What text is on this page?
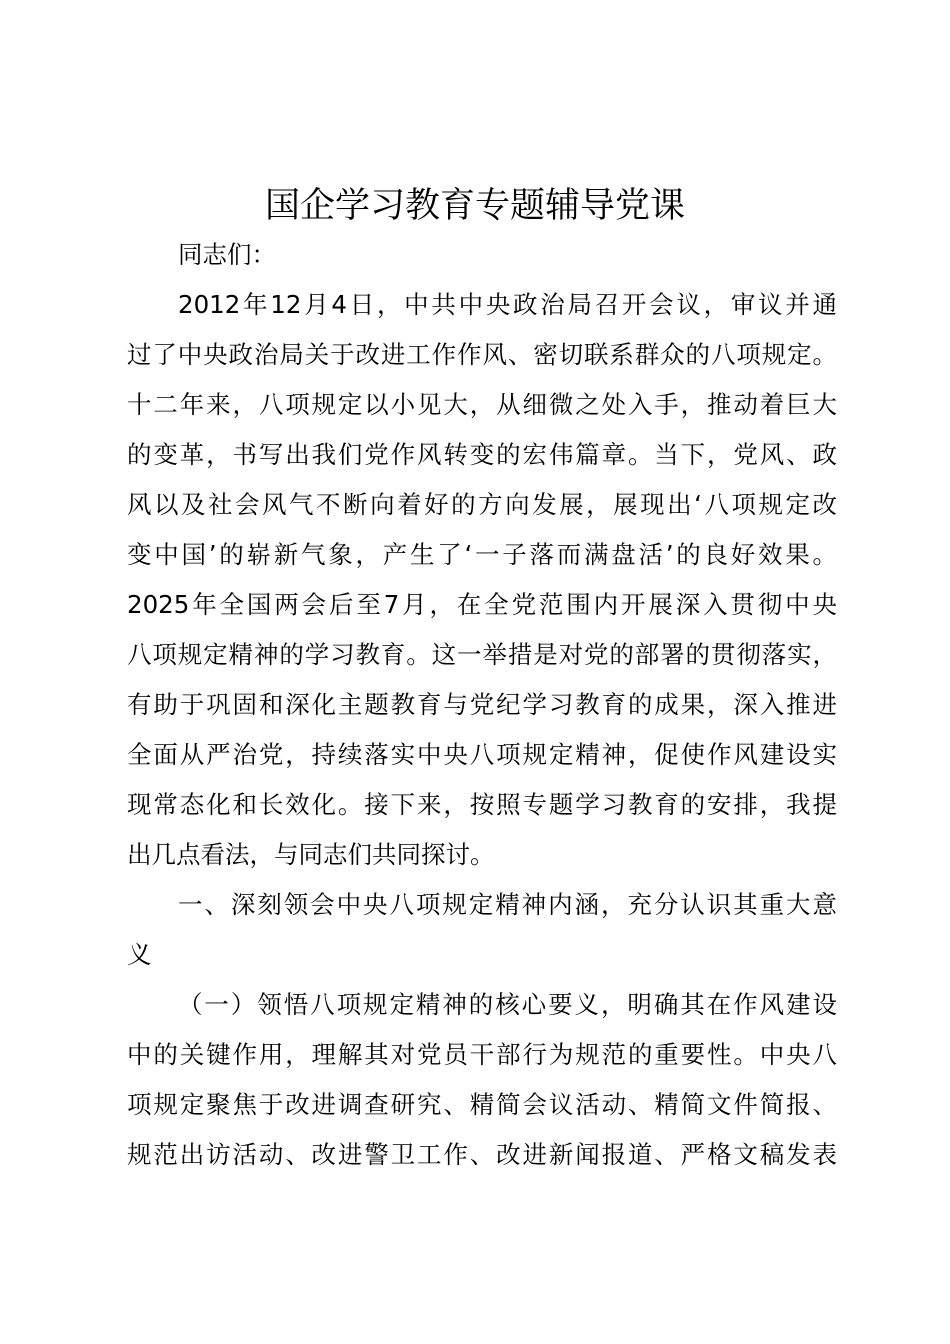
国企学习教育专题辅导党课
同志们：
2012年12月4日，中共中央政治局召开会议，审议并通
过了中央政治局关于改进工作作风、密切联系群众的八项规定。
十二年来，八项规定以小见大，从细微之处入手，推动着巨大
的变革，书写出我们党作风转变的宏伟篇章。当下，党风、政
风以及社会风气不断向着好的方向发展，展现出‘八项规定改
变中国’的崭新气象，产生了‘一子落而满盘活’的良好效果。
2025年全国两会后至7月，在全党范围内开展深入贯彻中央
八项规定精神的学习教育。这一举措是对党的部署的贯彻落实，
有助于巩固和深化主题教育与党纪学习教育的成果，深入推进
全面从严治党，持续落实中央八项规定精神，促使作风建设实
现常态化和长效化。接下来，按照专题学习教育的安排，我提
出几点看法，与同志们共同探讨。
一、深刻领会中央八项规定精神内涵，充分认识其重大意
义
（一）领悟八项规定精神的核心要义，明确其在作风建设
中的关键作用，理解其对党员干部行为规范的重要性。中央八
项规定聚焦于改进调查研究、精简会议活动、精简文件简报、
规范出访活动、改进警卫工作、改进新闻报道、严格文稿发表
